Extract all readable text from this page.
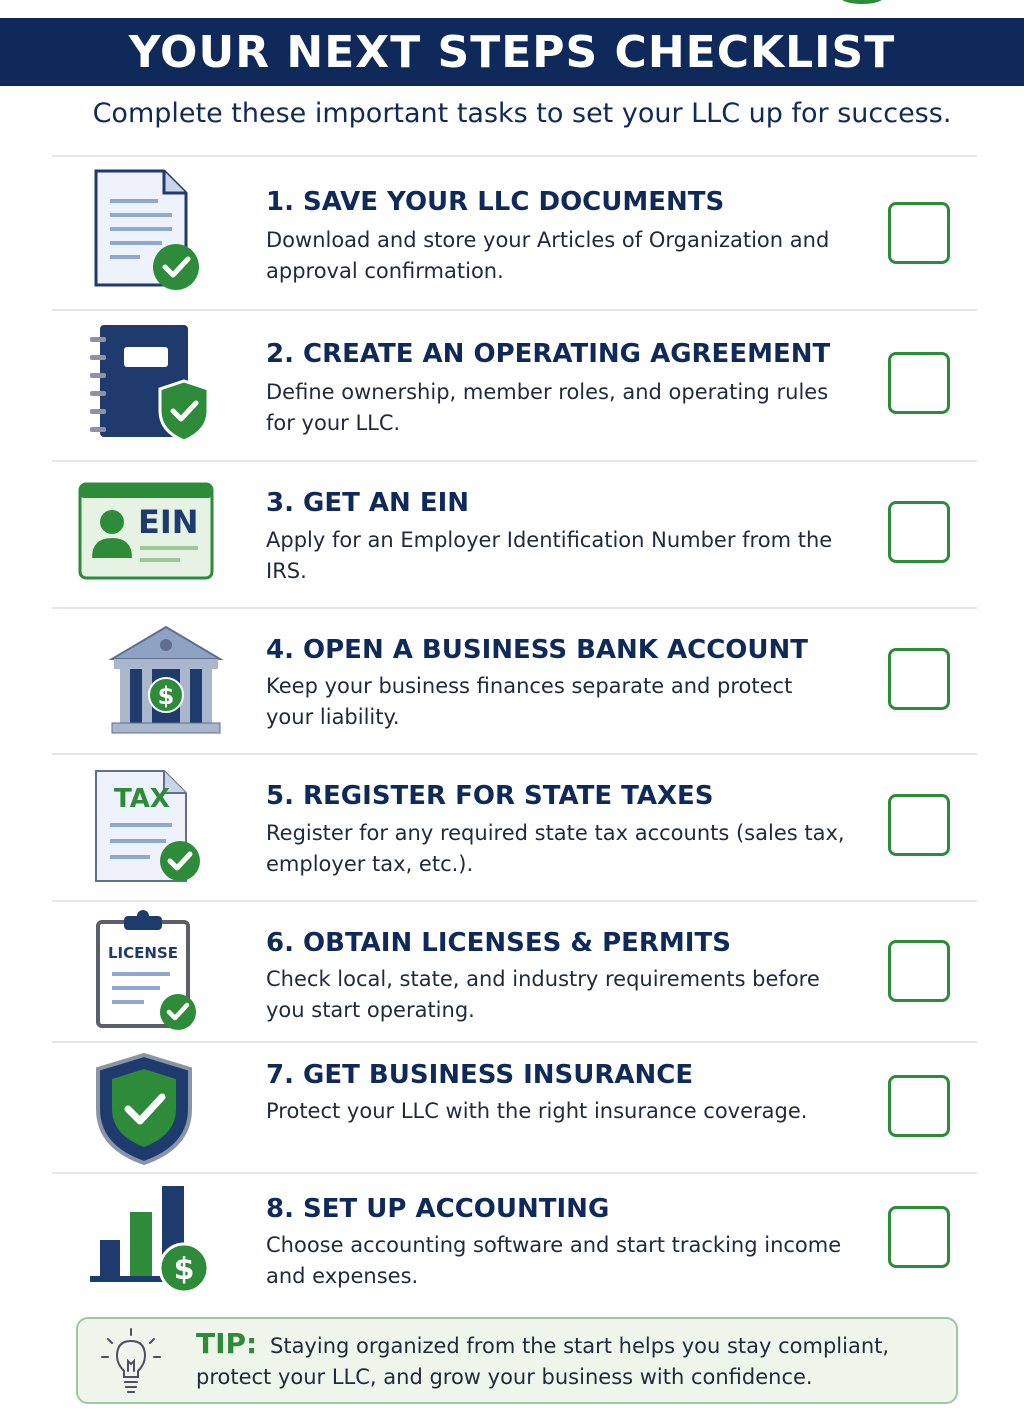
YOUR NEXT STEPS CHECKLIST
Complete these important tasks to set your LLC up for success.
1. SAVE YOUR LLC DOCUMENTS
Download and store your Articles of Organization and approval confirmation.
2. CREATE AN OPERATING AGREEMENT
Define ownership, member roles, and operating rules for your LLC.
EIN	3. GET AN EIN
Apply for an Employer Identification Number from the IRS.
$
4. OPEN A BUSINESS BANK ACCOUNT
Keep your business finances separate and protect your liability.
TAX	5. REGISTER FOR STATE TAXES
Register for any required state tax accounts (sales tax, employer tax, etc.).
LICENSE	6. OBTAIN LICENSES & PERMITS
Check local, state, and industry requirements before you start operating.
7. GET BUSINESS INSURANCE
Protect your LLC with the right insurance coverage.
$
8. SET UP ACCOUNTING
Choose accounting software and start tracking income and expenses.
TIP: Staying organized from the start helps you stay compliant, protect your LLC, and grow your business with confidence.
